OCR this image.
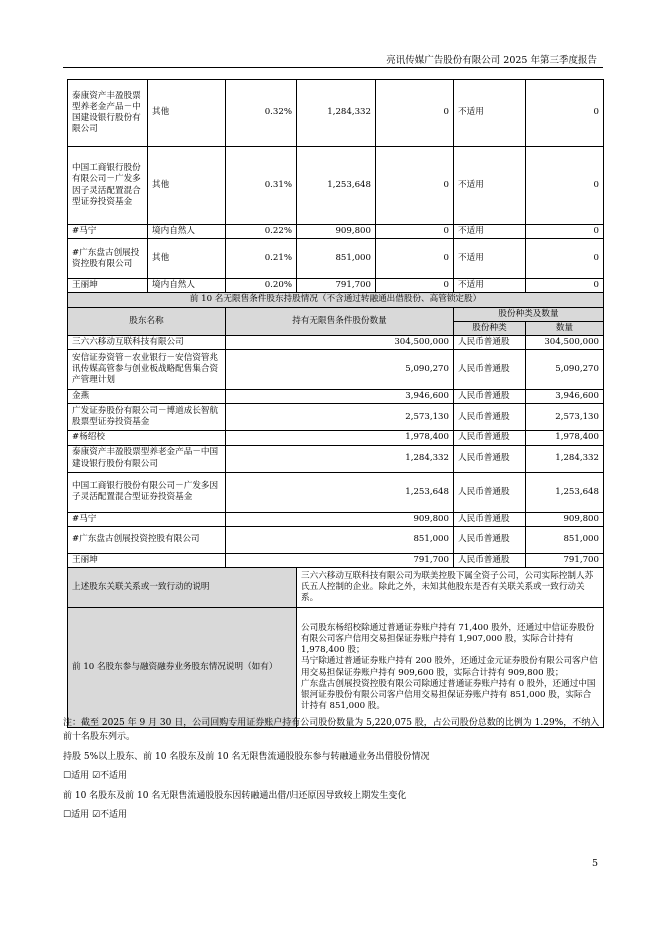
亮讯传媒广告股份有限公司 2025 年第三季度报告
泰康资产丰盈股票型养老金产品－中国建设银行股份有限公司	其他	0.32%	1,284,332	0	不适用	0
中国工商银行股份有限公司－广发多因子灵活配置混合型证券投资基金	其他	0.31%	1,253,648	0	不适用	0
#马宁	境内自然人	0.22%	909,800	0	不适用	0
#广东盘古创展投资控股有限公司	其他	0.21%	851,000	0	不适用	0
王丽坤	境内自然人	0.20%	791,700	0	不适用	0
前 10 名无限售条件股东持股情况（不含通过转融通出借股份、高管锁定股）						
股东名称		持有无限售条件股份数量			股份种类及数量	
					股份种类	数量
三六六移动互联科技有限公司		304,500,000			人民币普通股	304,500,000
安信证券资管－农业银行－安信资管兆讯传媒高管参与创业板战略配售集合资产管理计划		5,090,270			人民币普通股	5,090,270
金燕		3,946,600			人民币普通股	3,946,600
广发证券股份有限公司－博道成长智航股票型证券投资基金		2,573,130			人民币普通股	2,573,130
#杨绍校		1,978,400			人民币普通股	1,978,400
泰康资产丰盈股票型养老金产品－中国建设银行股份有限公司		1,284,332			人民币普通股	1,284,332
中国工商银行股份有限公司－广发多因子灵活配置混合型证券投资基金		1,253,648			人民币普通股	1,253,648
#马宁		909,800			人民币普通股	909,800
#广东盘古创展投资控股有限公司		851,000			人民币普通股	851,000
王丽坤		791,700			人民币普通股	791,700
上述股东关联关系或一致行动的说明			三六六移动互联科技有限公司为联美控股下属全资子公司，公司实际控制人苏氏五人控制的企业。除此之外，未知其他股东是否有关联关系或一致行动关系。			
前 10 名股东参与融资融券业务股东情况说明（如有）			公司股东杨绍校除通过普通证券账户持有 71,400 股外，还通过中信证券股份有限公司客户信用交易担保证券账户持有 1,907,000 股，实际合计持有 1,978,400 股；
马宁除通过普通证券账户持有 200 股外，还通过金元证券股份有限公司客户信用交易担保证券账户持有 909,600 股，实际合计持有 909,800 股；
广东盘古创展投资控股有限公司除通过普通证券账户持有 0 股外，还通过中国银河证券股份有限公司客户信用交易担保证券账户持有 851,000 股，实际合计持有 851,000 股。			
注：截至 2025 年 9 月 30 日，公司回购专用证券账户持有公司股份数量为 5,220,075 股，占公司股份总数的比例为 1.29%，不纳入前十名股东列示。
持股 5%以上股东、前 10 名股东及前 10 名无限售流通股股东参与转融通业务出借股份情况
☐适用 ☑不适用
前 10 名股东及前 10 名无限售流通股股东因转融通出借/归还原因导致较上期发生变化
☐适用 ☑不适用
5
